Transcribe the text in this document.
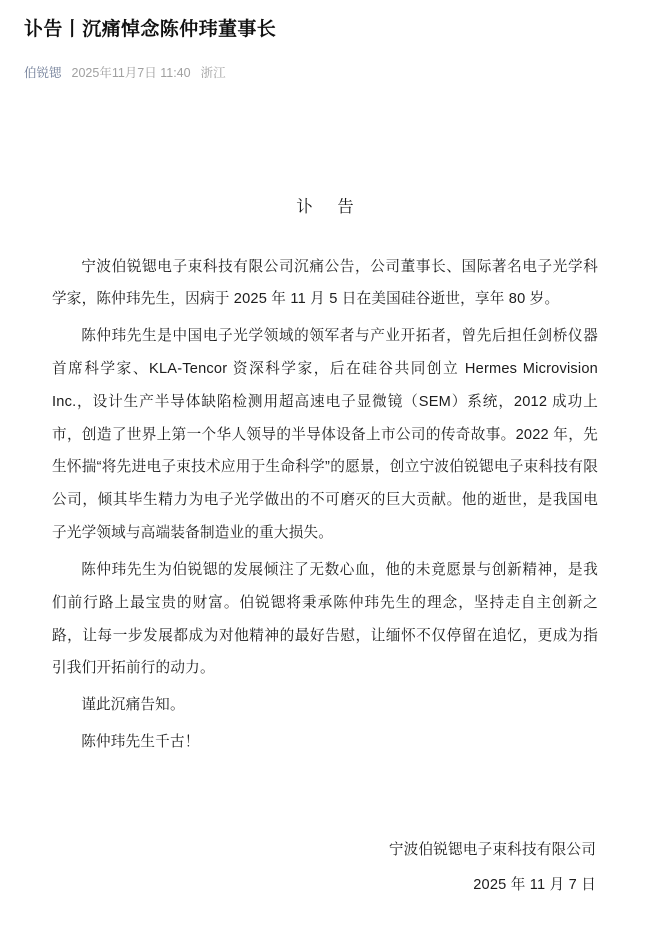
讣告丨沉痛悼念陈仲玮董事长
伯锐锶 2025年11月7日 11:40 浙江
讣 告

宁波伯锐锶电子束科技有限公司沉痛公告，公司董事长、国际著名电子光学科学家，陈仲玮先生，因病于 2025 年 11 月 5 日在美国硅谷逝世，享年 80 岁。

陈仲玮先生是中国电子光学领域的领军者与产业开拓者，曾先后担任剑桥仪器首席科学家、KLA-Tencor 资深科学家，后在硅谷共同创立 Hermes Microvision Inc.，设计生产半导体缺陷检测用超高速电子显微镜（SEM）系统，2012 成功上市，创造了世界上第一个华人领导的半导体设备上市公司的传奇故事。2022 年，先生怀揣“将先进电子束技术应用于生命科学”的愿景，创立宁波伯锐锶电子束科技有限公司，倾其毕生精力为电子光学做出的不可磨灭的巨大贡献。他的逝世，是我国电子光学领域与高端装备制造业的重大损失。

陈仲玮先生为伯锐锶的发展倾注了无数心血，他的未竟愿景与创新精神，是我们前行路上最宝贵的财富。伯锐锶将秉承陈仲玮先生的理念，坚持走自主创新之路，让每一步发展都成为对他精神的最好告慰，让缅怀不仅停留在追忆，更成为指引我们开拓前行的动力。

谨此沉痛告知。

陈仲玮先生千古！

宁波伯锐锶电子束科技有限公司
2025 年 11 月 7 日
